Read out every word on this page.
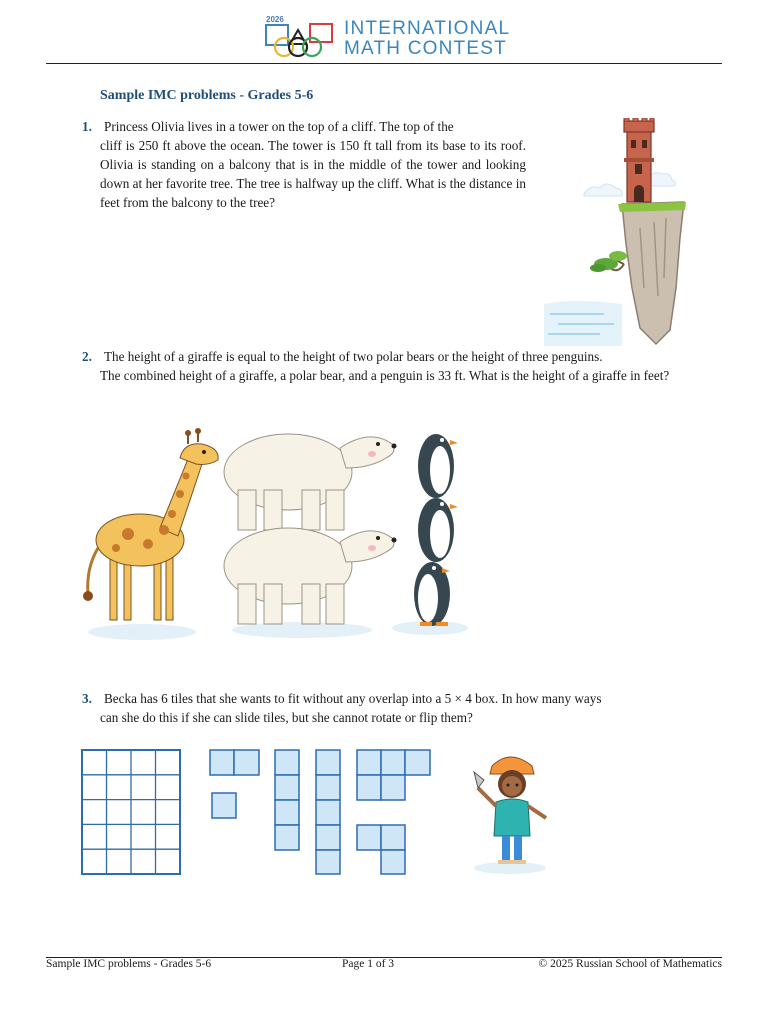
2026	INTERNATIONAL
MATH CONTEST
Sample IMC problems - Grades 5-6
1. Princess Olivia lives in a tower on the top of a cliff. The top of the
cliff is 250 ft above the ocean. The tower is 150 ft tall from its base to its roof. Olivia is standing on a balcony that is in the middle of the tower and looking down at her favorite tree. The tree is halfway up the cliff. What is the distance in feet from the balcony to the tree?
2. The height of a giraffe is equal to the height of two polar bears or the height of three penguins.
The combined height of a giraffe, a polar bear, and a penguin is 33 ft. What is the height of a giraffe in feet?
3. Becka has 6 tiles that she wants to fit without any overlap into a 5 × 4 box. In how many ways
can she do this if she can slide tiles, but she cannot rotate or flip them?
Sample IMC problems - Grades 5-6	Page 1 of 3	© 2025 Russian School of Mathematics
